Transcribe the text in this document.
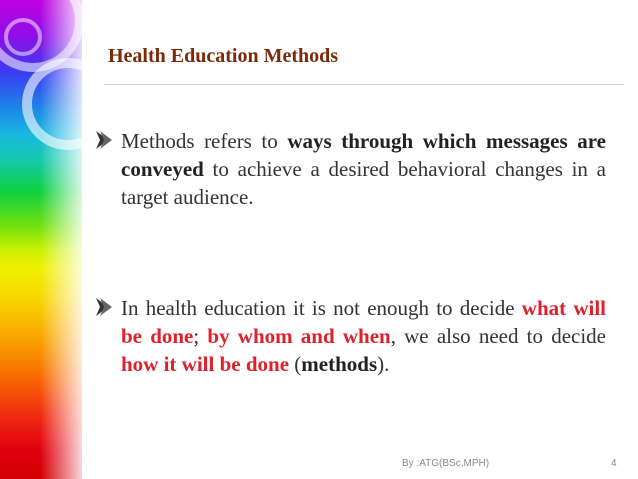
Health Education Methods

Methods refers to ways through which messages are conveyed to achieve a desired behavioral changes in a target audience.

In health education it is not enough to decide what will be done; by whom and when, we also need to decide how it will be done (methods).

By :ATG(BSc,MPH)	4
